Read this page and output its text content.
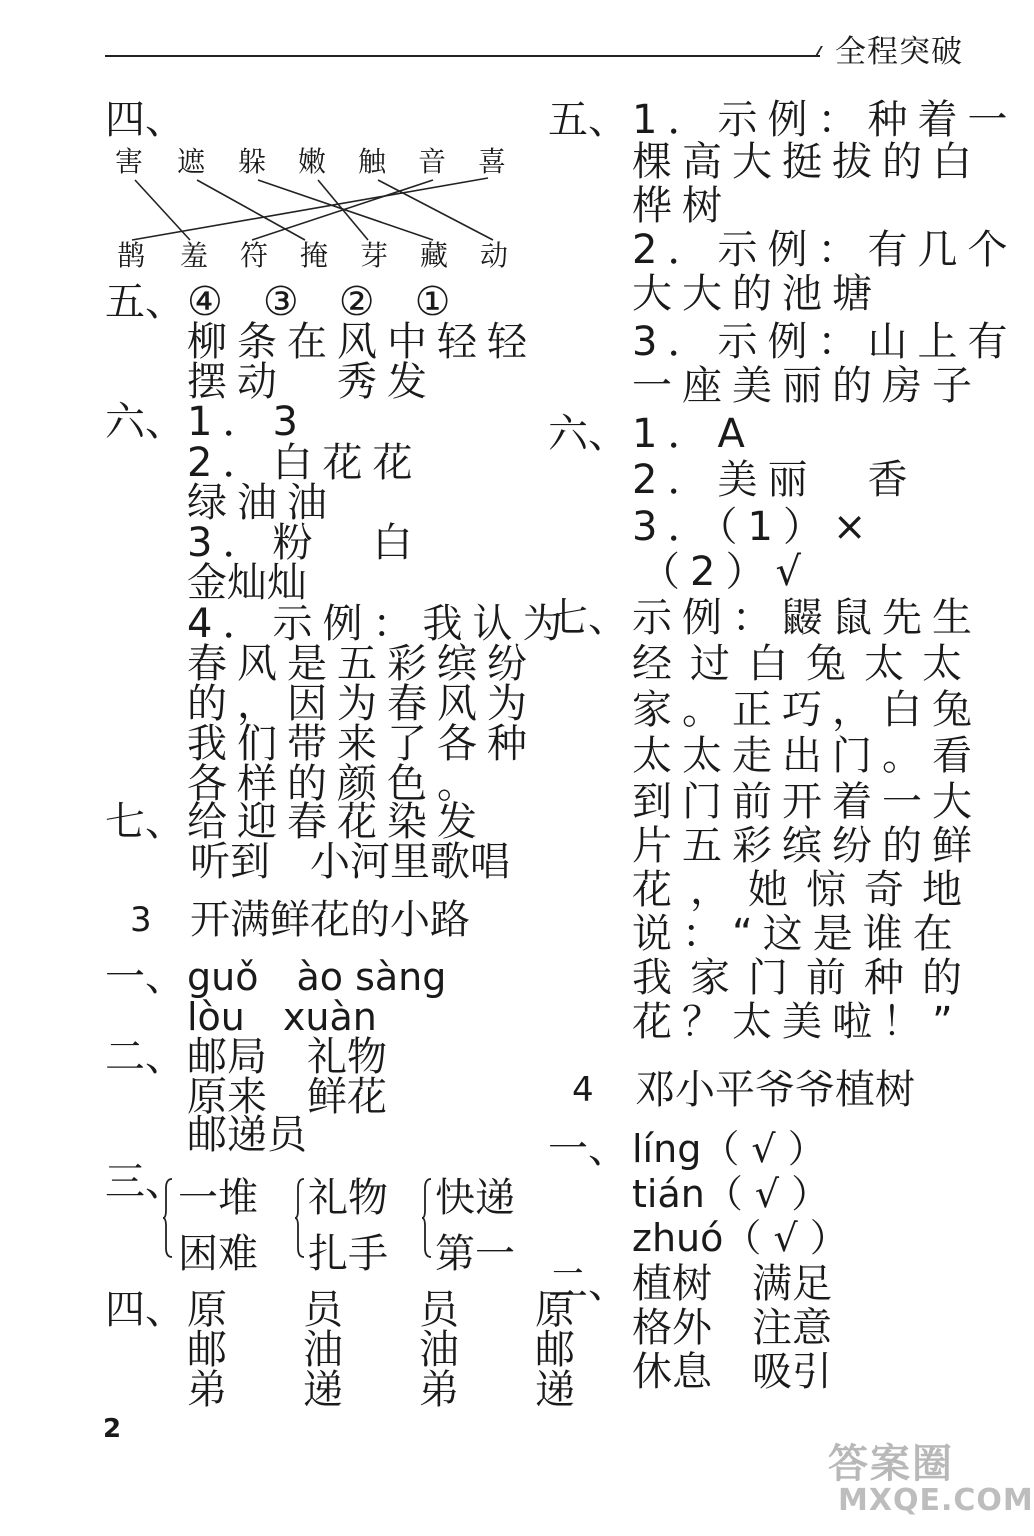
全程突破
四、
害 遮 躲 嫩 触 音 喜
鹊 羞 符 掩 芽 藏 动
五、 ④　③　②　①
柳条在风中轻轻
摆动　秀发
六、 1．3
2．白花花
绿油油
3．粉　白
金灿灿
4．示例：我认为
春风是五彩缤纷
的，因为春风为
我们带来了各种
各样的颜色。
七、 给迎春花染发
听到　小河里歌唱
3 开满鲜花的小路
一、 guǒ　ào sàng
lòu　xuàn
二、 邮局　礼物
原来　鲜花
邮递员
三、
一堆
困难
礼物
扎手
快递
第一
四、 原　员　员　原
邮　油　油　邮
弟　递　弟　递
五、 1．示例：种着一
棵高大挺拔的白
桦树
2．示例：有几个
大大的池塘
3．示例：山上有
一座美丽的房子
六、 1．A
2．美丽　香
3．（1）×
（2）√
七、 示例：鼹鼠先生
经过白兔太太
家。正巧，白兔
太太走出门。看
到门前开着一大
片五彩缤纷的鲜
花，她惊奇地
说：“这是谁在
我家门前种的
花？太美啦！”
4 邓小平爷爷植树
一、 líng（ √ ）
tián（ √ ）
zhuó（ √ ）
二、 植树　满足
格外　注意
休息　吸引
2
答案圈
MXQE.COM
